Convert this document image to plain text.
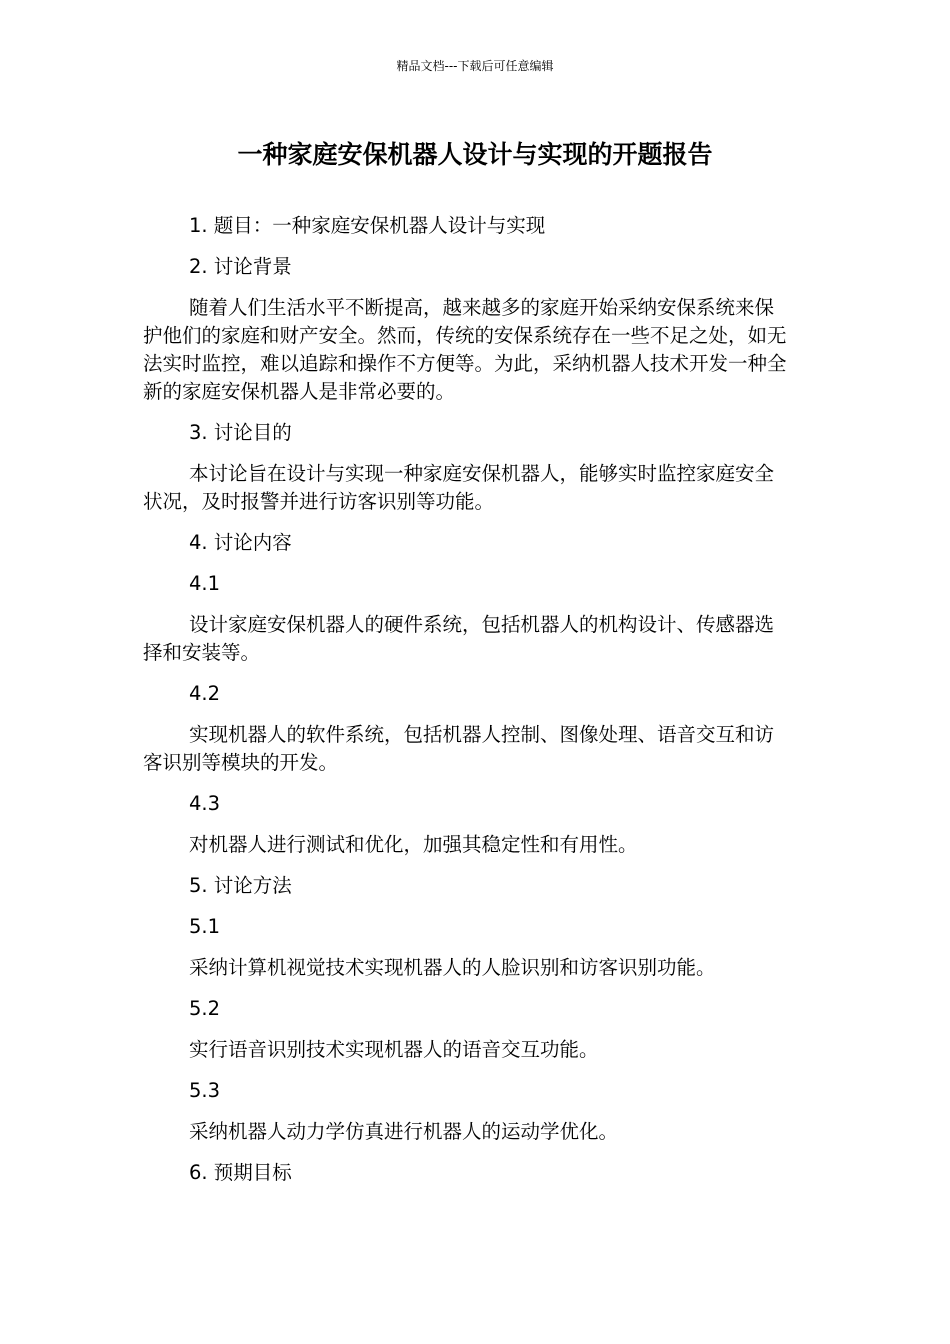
精品文档---下载后可任意编辑
一种家庭安保机器人设计与实现的开题报告

1. 题目：一种家庭安保机器人设计与实现

2. 讨论背景

随着人们生活水平不断提高，越来越多的家庭开始采纳安保系统来保护他们的家庭和财产安全。然而，传统的安保系统存在一些不足之处，如无法实时监控，难以追踪和操作不方便等。为此，采纳机器人技术开发一种全新的家庭安保机器人是非常必要的。

3. 讨论目的

本讨论旨在设计与实现一种家庭安保机器人，能够实时监控家庭安全状况，及时报警并进行访客识别等功能。

4. 讨论内容

4.1

设计家庭安保机器人的硬件系统，包括机器人的机构设计、传感器选择和安装等。

4.2

实现机器人的软件系统，包括机器人控制、图像处理、语音交互和访客识别等模块的开发。

4.3

对机器人进行测试和优化，加强其稳定性和有用性。

5. 讨论方法

5.1

采纳计算机视觉技术实现机器人的人脸识别和访客识别功能。

5.2

实行语音识别技术实现机器人的语音交互功能。

5.3

采纳机器人动力学仿真进行机器人的运动学优化。

6. 预期目标
